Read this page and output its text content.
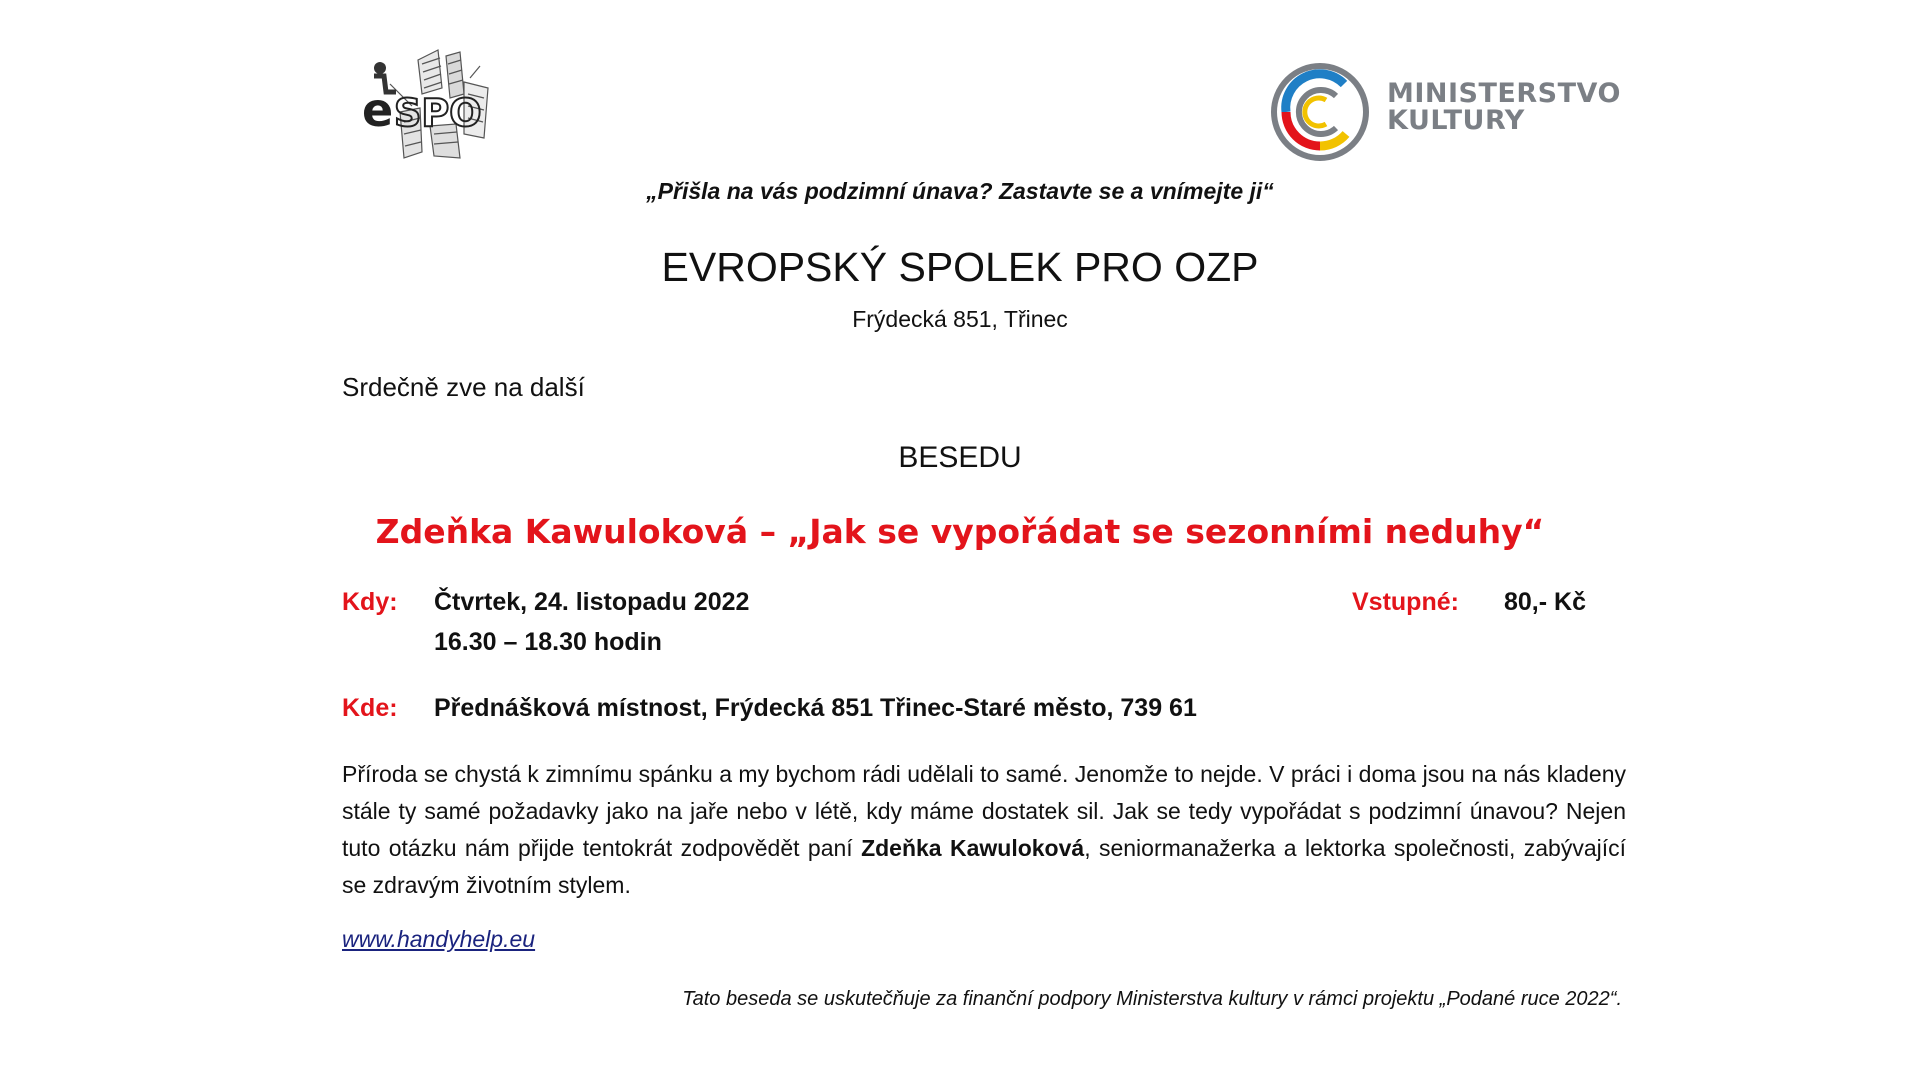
e SPO	MINISTERSTVO
KULTURY
„Přišla na vás podzimní únava? Zastavte se a vnímejte ji“
EVROPSKÝ SPOLEK PRO OZP
Frýdecká 851, Třinec
Srdečně zve na další
BESEDU
Zdeňka Kawuloková – „Jak se vypořádat se sezonními neduhy“
Kdy: Čtvrtek, 24. listopadu 2022
16.30 – 18.30 hodin
Vstupné: 80,- Kč
Kde: Přednášková místnost, Frýdecká 851 Třinec-Staré město, 739 61
Příroda se chystá k zimnímu spánku a my bychom rádi udělali to samé. Jenomže to nejde. V práci i doma jsou na nás kladeny stále ty samé požadavky jako na jaře nebo v létě, kdy máme dostatek sil. Jak se tedy vypořádat s podzimní únavou? Nejen tuto otázku nám přijde tentokrát zodpovědět paní Zdeňka Kawuloková, seniormanažerka a lektorka společnosti, zabývající se zdravým životním stylem.
www.handyhelp.eu
Tato beseda se uskutečňuje za finanční podpory Ministerstva kultury v rámci projektu „Podané ruce 2022“.
